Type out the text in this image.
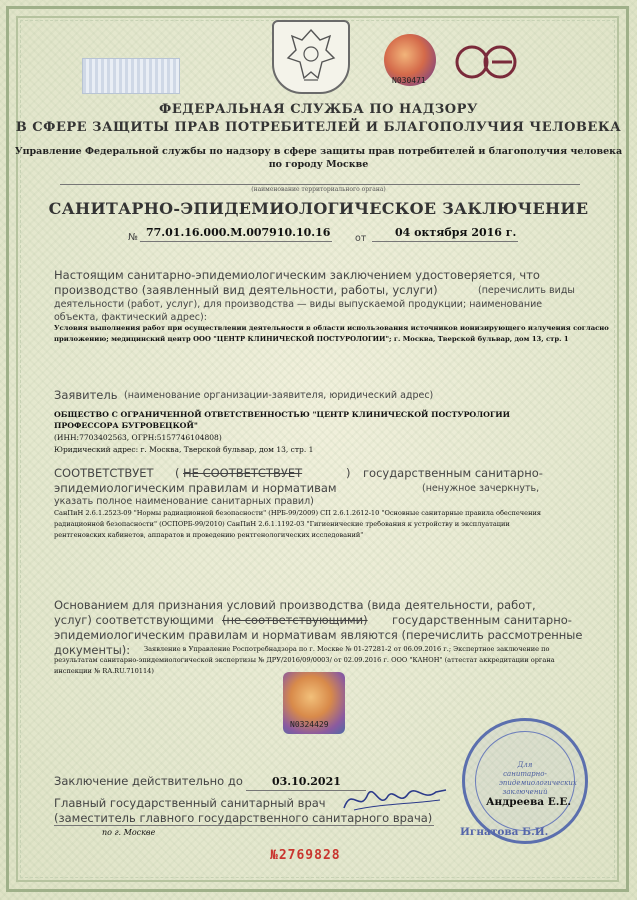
N030471
ФЕДЕРАЛЬНАЯ СЛУЖБА ПО НАДЗОРУ
В СФЕРЕ ЗАЩИТЫ ПРАВ ПОТРЕБИТЕЛЕЙ И БЛАГОПОЛУЧИЯ ЧЕЛОВЕКА
Управление Федеральной службы по надзору в сфере защиты прав потребителей и благополучия человека
по городу Москве
(наименование территориального органа)
САНИТАРНО-ЭПИДЕМИОЛОГИЧЕСКОЕ ЗАКЛЮЧЕНИЕ
№ 77.01.16.000.М.007910.10.16	от	04 октября 2016 г.
Настоящим санитарно-эпидемиологическим заключением удостоверяется, что
производство (заявленный вид деятельности, работы, услуги)	(перечислить виды
деятельности (работ, услуг), для производства — виды выпускаемой продукции; наименование
объекта, фактический адрес):
Условия выполнения работ при осуществлении деятельности в области использования источников ионизирующего излучения согласно
приложению; медицинский центр ООО "ЦЕНТР КЛИНИЧЕСКОЙ ПОСТУРОЛОГИИ"; г. Москва, Тверской бульвар, дом 13, стр. 1
Заявитель (наименование организации-заявителя, юридический адрес)
ОБЩЕСТВО С ОГРАНИЧЕННОЙ ОТВЕТСТВЕННОСТЬЮ "ЦЕНТР КЛИНИЧЕСКОЙ ПОСТУРОЛОГИИ
ПРОФЕССОРА БУГРОВЕЦКОЙ"
(ИНН:7703402563, ОГРН:5157746104808)
Юридический адрес: г. Москва, Тверской бульвар, дом 13, стр. 1
СООТВЕТСТВУЕТ ( НЕ СООТВЕТСТВУЕТ	) государственным санитарно-
эпидемиологическим правилам и нормативам	(ненужное зачеркнуть,
указать полное наименование санитарных правил)
СанПиН 2.6.1.2523-09 "Нормы радиационной безопасности" (НРБ-99/2009) СП 2.6.1.2612-10 "Основные санитарные правила обеспечения
радиационной безопасности" (ОСПОРБ-99/2010) СанПиН 2.6.1.1192-03 "Гигиенические требования к устройству и эксплуатации
рентгеновских кабинетов, аппаратов и проведению рентгенологических исследований"
Основанием для признания условий производства (вида деятельности, работ,
услуг) соответствующими (не соответствующими) государственным санитарно-
эпидемиологическим правилам и нормативам являются (перечислить рассмотренные
документы): Заявление в Управление Роспотребнадзора по г. Москве № 01-27281-2 от 06.09.2016 г.; Экспертное заключение по
результатам санитарно-эпидемиологической экспертизы № ДРУ/2016/09/0003/ от 02.09.2016 г. ООО "КАНОН" (аттестат аккредитации органа
инспекции № RA.RU.710114)
N0324429
Заключение действительно до	03.10.2021
Главный государственный санитарный врач
(заместитель главного государственного санитарного врача)
по г. Москве
Для санитарно-эпидемиологических заключений
Андреева Е.Е.
Игнатова Б.И.
№2769828
